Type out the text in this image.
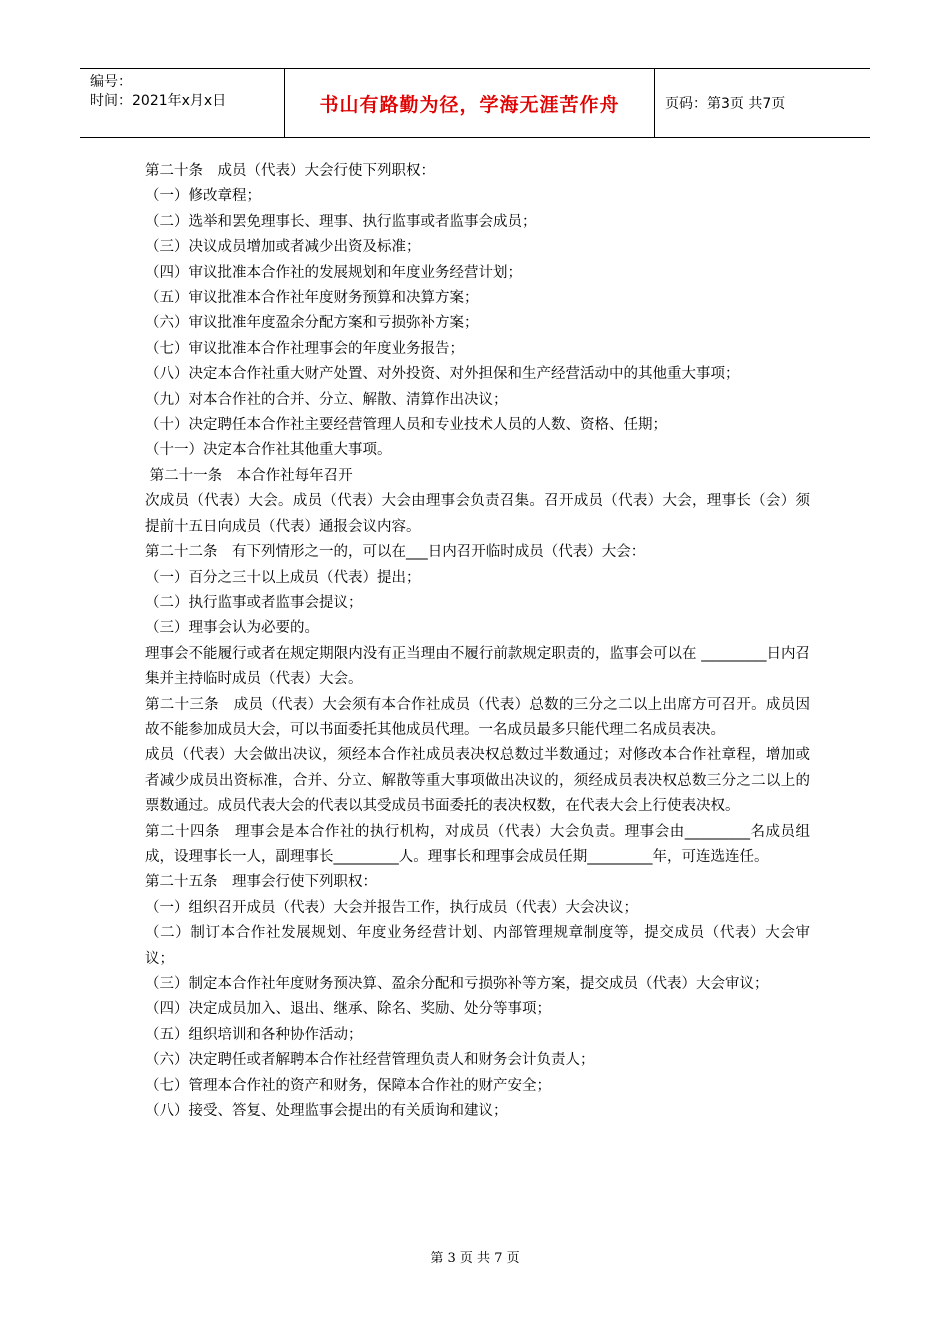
编号：
时间：2021年x月x日	书山有路勤为径，学海无涯苦作舟	页码：第3页 共7页

第二十条　成员（代表）大会行使下列职权：

（一）修改章程；

（二）选举和罢免理事长、理事、执行监事或者监事会成员；

（三）决议成员增加或者减少出资及标准；

（四）审议批准本合作社的发展规划和年度业务经营计划；

（五）审议批准本合作社年度财务预算和决算方案；

（六）审议批准年度盈余分配方案和亏损弥补方案；

（七）审议批准本合作社理事会的年度业务报告；

（八）决定本合作社重大财产处置、对外投资、对外担保和生产经营活动中的其他重大事项；

（九）对本合作社的合并、分立、解散、清算作出决议；

（十）决定聘任本合作社主要经营管理人员和专业技术人员的人数、资格、任期；

（十一）决定本合作社其他重大事项。

第二十一条　本合作社每年召开

次成员（代表）大会。成员（代表）大会由理事会负责召集。召开成员（代表）大会，理事长（会）须提前十五日向成员（代表）通报会议内容。

第二十二条　有下列情形之一的，可以在___日内召开临时成员（代表）大会：

（一）百分之三十以上成员（代表）提出；

（二）执行监事或者监事会提议；

（三）理事会认为必要的。

理事会不能履行或者在规定期限内没有正当理由不履行前款规定职责的，监事会可以在 _________日内召集并主持临时成员（代表）大会。

第二十三条　成员（代表）大会须有本合作社成员（代表）总数的三分之二以上出席方可召开。成员因故不能参加成员大会，可以书面委托其他成员代理。一名成员最多只能代理二名成员表决。

成员（代表）大会做出决议，须经本合作社成员表决权总数过半数通过；对修改本合作社章程，增加或者减少成员出资标准，合并、分立、解散等重大事项做出决议的，须经成员表决权总数三分之二以上的票数通过。成员代表大会的代表以其受成员书面委托的表决权数，在代表大会上行使表决权。

第二十四条　理事会是本合作社的执行机构，对成员（代表）大会负责。理事会由_________名成员组成，设理事长一人，副理事长_________人。理事长和理事会成员任期_________年，可连选连任。

第二十五条　理事会行使下列职权：

（一）组织召开成员（代表）大会并报告工作，执行成员（代表）大会决议；

（二）制订本合作社发展规划、年度业务经营计划、内部管理规章制度等，提交成员（代表）大会审议；

（三）制定本合作社年度财务预决算、盈余分配和亏损弥补等方案，提交成员（代表）大会审议；

（四）决定成员加入、退出、继承、除名、奖励、处分等事项；

（五）组织培训和各种协作活动；

（六）决定聘任或者解聘本合作社经营管理负责人和财务会计负责人；

（七）管理本合作社的资产和财务，保障本合作社的财产安全；

（八）接受、答复、处理监事会提出的有关质询和建议；

第 3 页 共 7 页
